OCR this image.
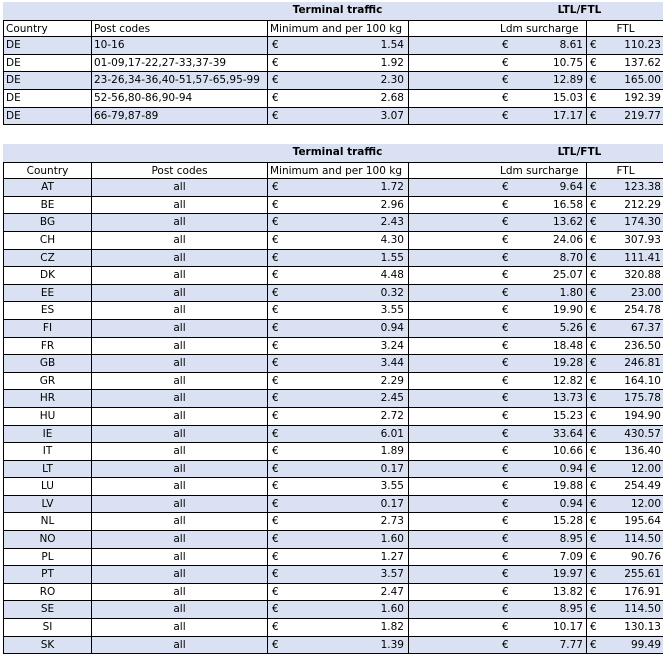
Terminal traffic	LTL/FTL
Country	Post codes	Minimum and per 100 kg	Ldm surcharge	FTL
DE	10-16	€	1.54	€	8.61 €	110.23
DE	01-09,17-22,27-33,37-39	€	1.92	€	10.75 €	137.62
DE	23-26,34-36,40-51,57-65,95-99	€	2.30	€	12.89 €	165.00
DE	52-56,80-86,90-94	€	2.68	€	15.03 €	192.39
DE	66-79,87-89	€	3.07	€	17.17 €	219.77
Terminal traffic	LTL/FTL
Country	Post codes	Minimum and per 100 kg	Ldm surcharge	FTL
AT	all	€	1.72	€	9.64 €	123.38
BE	all	€	2.96	€	16.58 €	212.29
BG	all	€	2.43	€	13.62 €	174.30
CH	all	€	4.30	€	24.06 €	307.93
CZ	all	€	1.55	€	8.70 €	111.41
DK	all	€	4.48	€	25.07 €	320.88
EE	all	€	0.32	€	1.80 €	23.00
ES	all	€	3.55	€	19.90 €	254.78
FI	all	€	0.94	€	5.26 €	67.37
FR	all	€	3.24	€	18.48 €	236.50
GB	all	€	3.44	€	19.28 €	246.81
GR	all	€	2.29	€	12.82 €	164.10
HR	all	€	2.45	€	13.73 €	175.78
HU	all	€	2.72	€	15.23 €	194.90
IE	all	€	6.01	€	33.64 €	430.57
IT	all	€	1.89	€	10.66 €	136.40
LT	all	€	0.17	€	0.94 €	12.00
LU	all	€	3.55	€	19.88 €	254.49
LV	all	€	0.17	€	0.94 €	12.00
NL	all	€	2.73	€	15.28 €	195.64
NO	all	€	1.60	€	8.95 €	114.50
PL	all	€	1.27	€	7.09 €	90.76
PT	all	€	3.57	€	19.97 €	255.61
RO	all	€	2.47	€	13.82 €	176.91
SE	all	€	1.60	€	8.95 €	114.50
SI	all	€	1.82	€	10.17 €	130.13
SK	all	€	1.39	€	7.77 €	99.49
